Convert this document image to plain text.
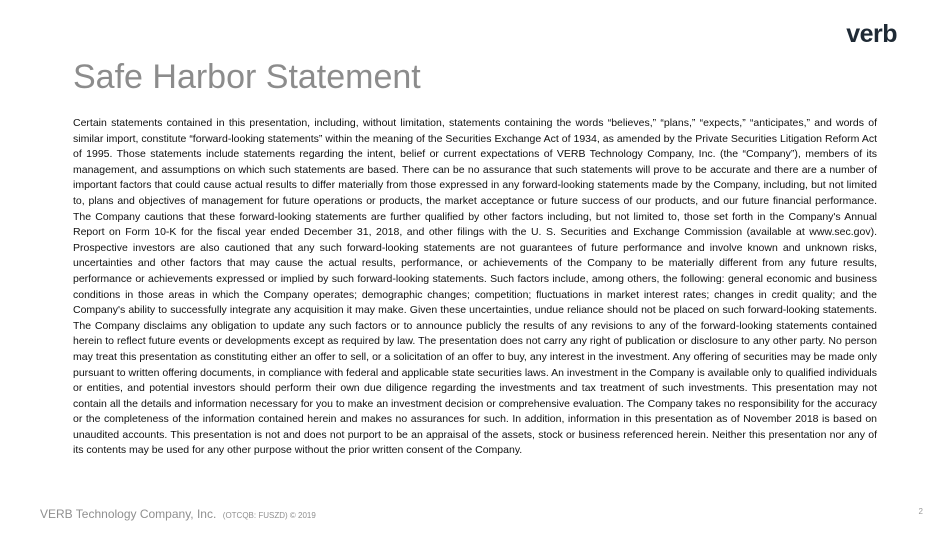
verb
Safe Harbor Statement

Certain statements contained in this presentation, including, without limitation, statements containing the words “believes,” “plans,” “expects,” “anticipates,” and words of similar import, constitute “forward-looking statements” within the meaning of the Securities Exchange Act of 1934, as amended by the Private Securities Litigation Reform Act of 1995. Those statements include statements regarding the intent, belief or current expectations of VERB Technology Company, Inc. (the “Company”), members of its management, and assumptions on which such statements are based. There can be no assurance that such statements will prove to be accurate and there are a number of important factors that could cause actual results to differ materially from those expressed in any forward-looking statements made by the Company, including, but not limited to, plans and objectives of management for future operations or products, the market acceptance or future success of our products, and our future financial performance. The Company cautions that these forward-looking statements are further qualified by other factors including, but not limited to, those set forth in the Company's Annual Report on Form 10-K for the fiscal year ended December 31, 2018, and other filings with the U. S. Securities and Exchange Commission (available at www.sec.gov). Prospective investors are also cautioned that any such forward-looking statements are not guarantees of future performance and involve known and unknown risks, uncertainties and other factors that may cause the actual results, performance, or achievements of the Company to be materially different from any future results, performance or achievements expressed or implied by such forward-looking statements. Such factors include, among others, the following: general economic and business conditions in those areas in which the Company operates; demographic changes; competition; fluctuations in market interest rates; changes in credit quality; and the Company's ability to successfully integrate any acquisition it may make. Given these uncertainties, undue reliance should not be placed on such forward-looking statements. The Company disclaims any obligation to update any such factors or to announce publicly the results of any revisions to any of the forward-looking statements contained herein to reflect future events or developments except as required by law. The presentation does not carry any right of publication or disclosure to any other party. No person may treat this presentation as constituting either an offer to sell, or a solicitation of an offer to buy, any interest in the investment. Any offering of securities may be made only pursuant to written offering documents, in compliance with federal and applicable state securities laws. An investment in the Company is available only to qualified individuals or entities, and potential investors should perform their own due diligence regarding the investments and tax treatment of such investments. This presentation may not contain all the details and information necessary for you to make an investment decision or comprehensive evaluation. The Company takes no responsibility for the accuracy or the completeness of the information contained herein and makes no assurances for such. In addition, information in this presentation as of November 2018 is based on unaudited accounts. This presentation is not and does not purport to be an appraisal of the assets, stock or business referenced herein. Neither this presentation nor any of its contents may be used for any other purpose without the prior written consent of the Company.

VERB Technology Company, Inc. (OTCQB: FUSZD) © 2019	2
